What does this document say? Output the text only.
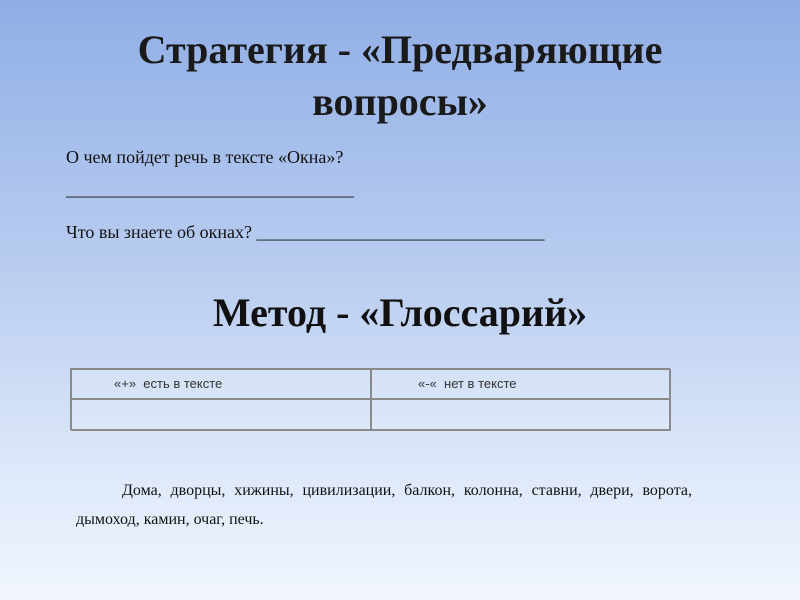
Стратегия - «Предваряющие вопросы»
О чем пойдет речь в тексте «Окна»?
________________________________
Что вы знаете об окнах? ________________________________
Метод - «Глоссарий»
«+»  есть в тексте	«-«  нет в тексте
Дома, дворцы, хижины, цивилизации, балкон, колонна, ставни, двери, ворота, дымоход, камин, очаг, печь.
